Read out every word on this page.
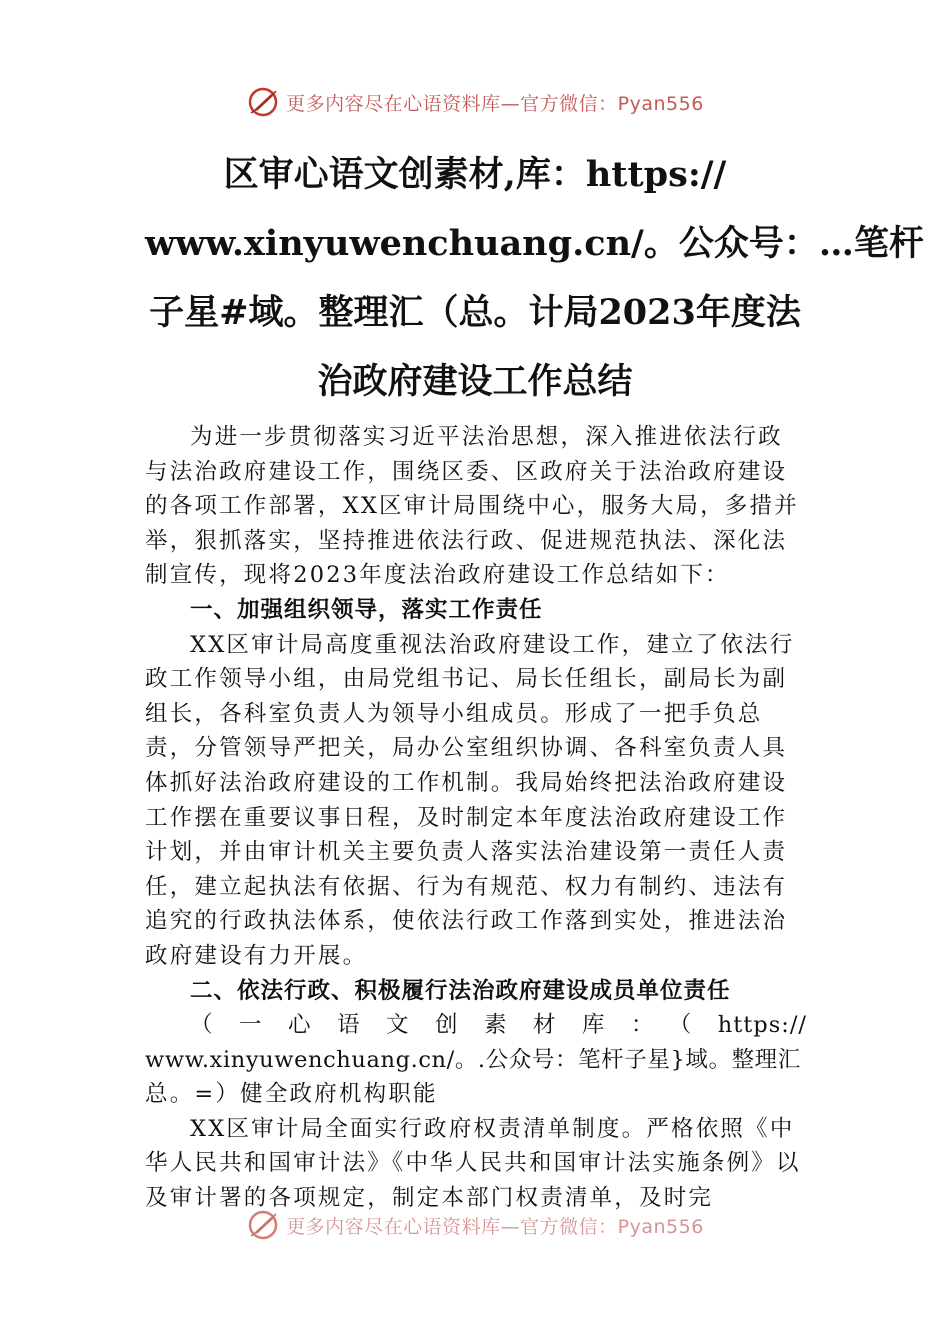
更多内容尽在心语资料库—官方微信：Pyan556
区审心语文创素材,库：https://
www.xinyuwenchuang.cn/。公众号：…笔杆
子星#域。整理汇（总。计局2023年度法
治政府建设工作总结

为进一步贯彻落实习近平法治思想，深入推进依法行政与法治政府建设工作，围绕区委、区政府关于法治政府建设的各项工作部署，XX区审计局围绕中心，服务大局，多措并举，狠抓落实，坚持推进依法行政、促进规范执法、深化法制宣传，现将2023年度法治政府建设工作总结如下：

一、加强组织领导，落实工作责任

XX区审计局高度重视法治政府建设工作，建立了依法行政工作领导小组，由局党组书记、局长任组长，副局长为副组长，各科室负责人为领导小组成员。形成了一把手负总责，分管领导严把关，局办公室组织协调、各科室负责人具体抓好法治政府建设的工作机制。我局始终把法治政府建设工作摆在重要议事日程，及时制定本年度法治政府建设工作计划，并由审计机关主要负责人落实法治建设第一责任人责任，建立起执法有依据、行为有规范、权力有制约、违法有追究的行政执法体系，使依法行政工作落到实处，推进法治政府建设有力开展。

二、依法行政、积极履行法治政府建设成员单位责任

（一心语文创素材库：（https://

www.xinyuwenchuang.cn/。.公众号：笔杆子星}域。整理汇

总。=）健全政府机构职能

XX区审计局全面实行政府权责清单制度。严格依照《中华人民共和国审计法》《中华人民共和国审计法实施条例》以及审计署的各项规定，制定本部门权责清单，及时完

更多内容尽在心语资料库—官方微信：Pyan556
